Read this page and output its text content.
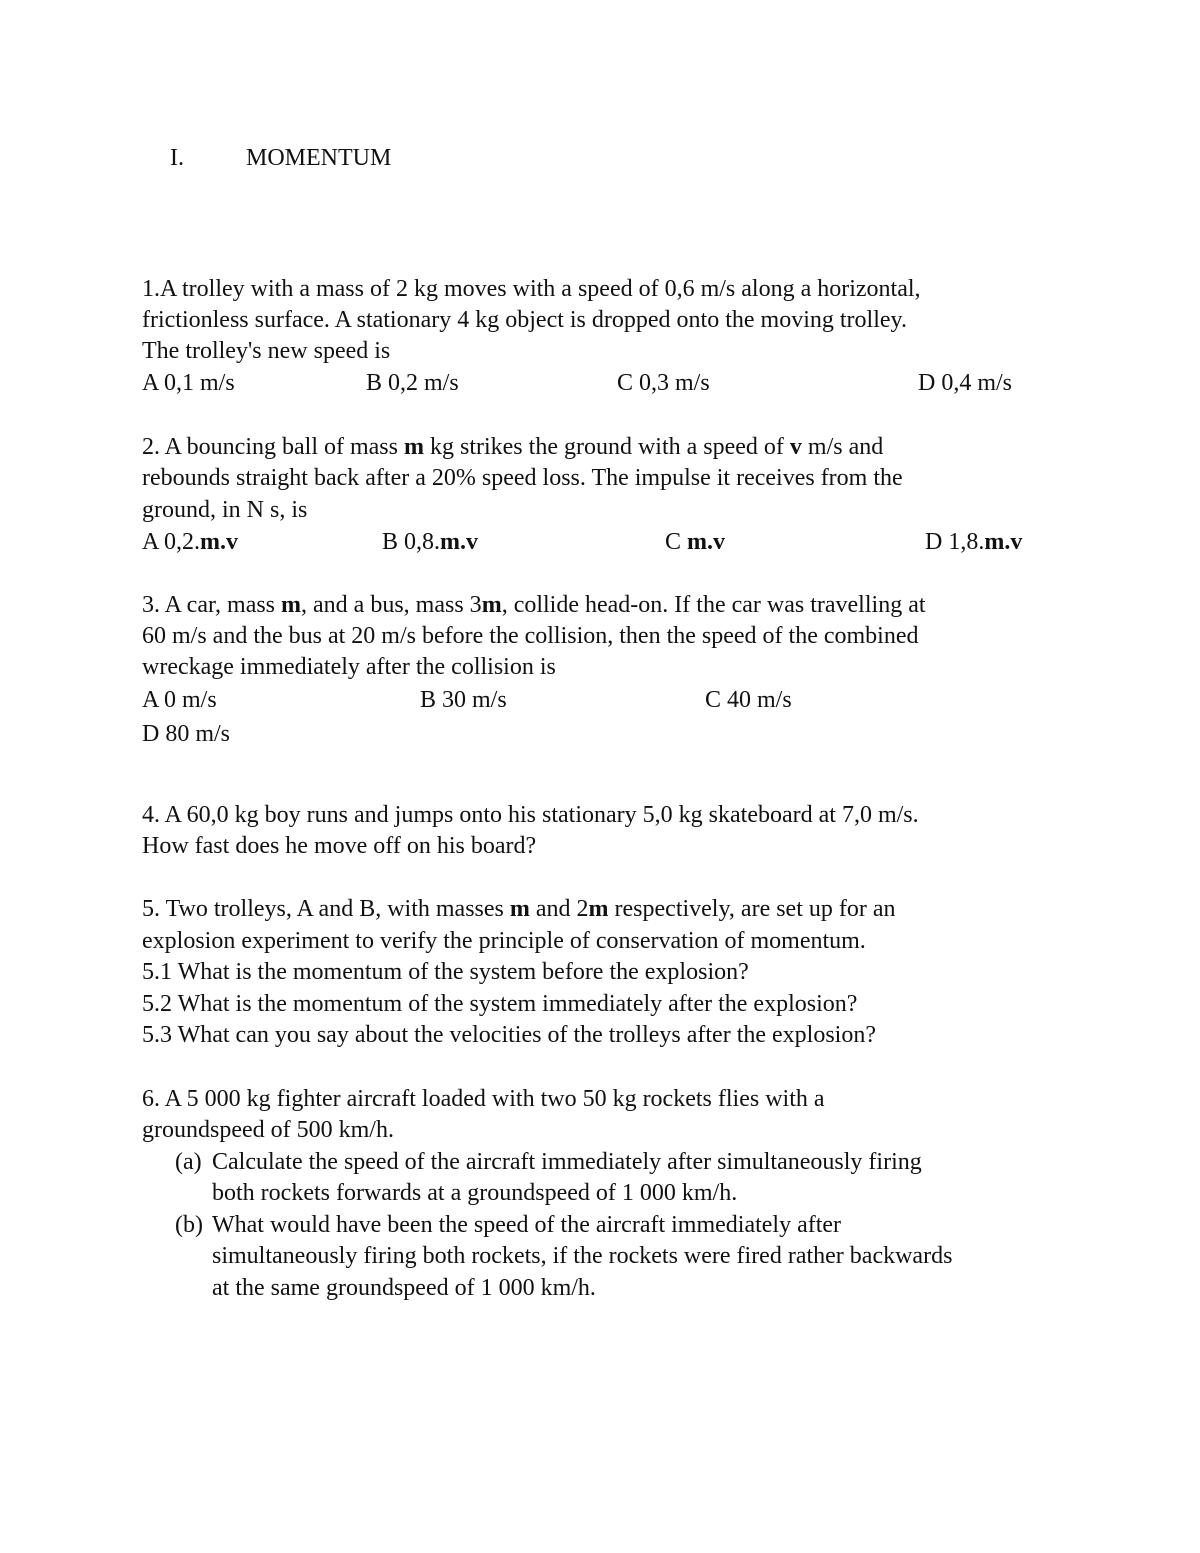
I.	MOMENTUM
1.A trolley with a mass of 2 kg moves with a speed of 0,6 m/s along a horizontal,
frictionless surface. A stationary 4 kg object is dropped onto the moving trolley.
The trolley's new speed is
A 0,1 m/s	B 0,2 m/s	C 0,3 m/s	D 0,4 m/s
2. A bouncing ball of mass m kg strikes the ground with a speed of v m/s and
rebounds straight back after a 20% speed loss. The impulse it receives from the
ground, in N s, is
A 0,2.m.v	B 0,8.m.v	C m.v	D 1,8.m.v
3. A car, mass m, and a bus, mass 3m, collide head-on. If the car was travelling at
60 m/s and the bus at 20 m/s before the collision, then the speed of the combined
wreckage immediately after the collision is
A 0 m/s	B 30 m/s	C 40 m/s
D 80 m/s
4. A 60,0 kg boy runs and jumps onto his stationary 5,0 kg skateboard at 7,0 m/s.
How fast does he move off on his board?
5. Two trolleys, A and B, with masses m and 2m respectively, are set up for an
explosion experiment to verify the principle of conservation of momentum.
5.1 What is the momentum of the system before the explosion?
5.2 What is the momentum of the system immediately after the explosion?
5.3 What can you say about the velocities of the trolleys after the explosion?
6. A 5 000 kg fighter aircraft loaded with two 50 kg rockets flies with a
groundspeed of 500 km/h.
(a) Calculate the speed of the aircraft immediately after simultaneously firing
both rockets forwards at a groundspeed of 1 000 km/h.
(b) What would have been the speed of the aircraft immediately after
simultaneously firing both rockets, if the rockets were fired rather backwards
at the same groundspeed of 1 000 km/h.
